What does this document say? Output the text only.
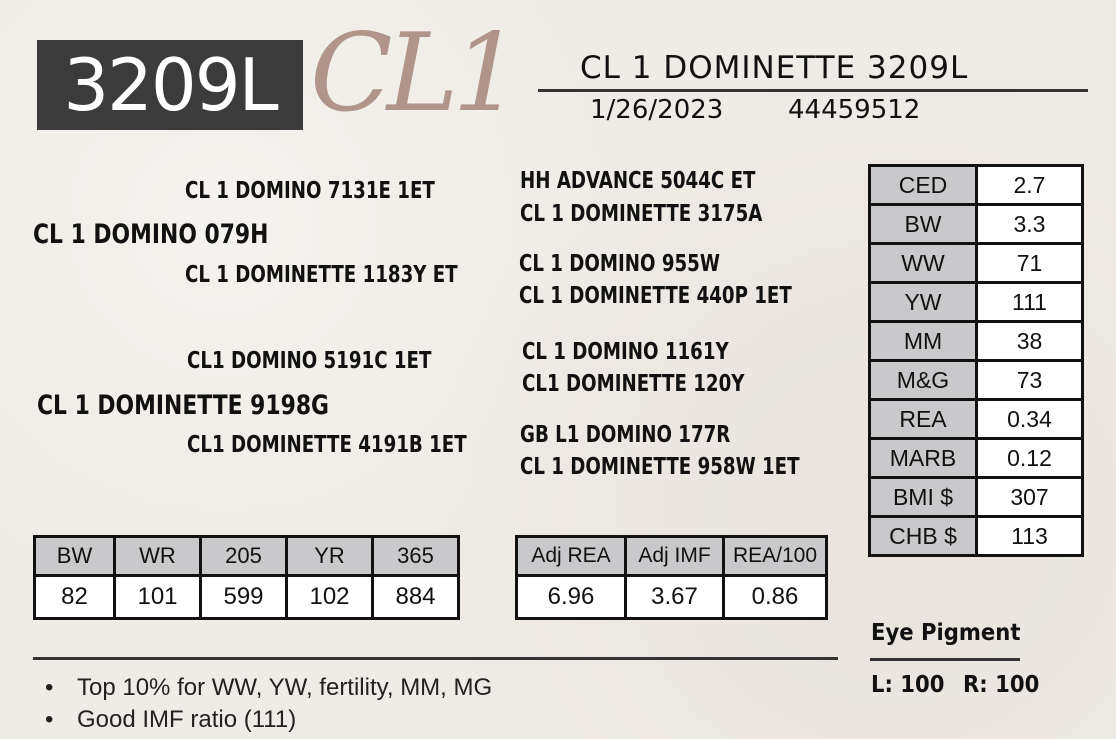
3209L CL1 CL 1 DOMINETTE 3209L
1/26/2023 44459512
CL 1 DOMINO 7131E 1ET
CL 1 DOMINO 079H
CL 1 DOMINETTE 1183Y ET
CL1 DOMINO 5191C 1ET
CL 1 DOMINETTE 9198G
CL1 DOMINETTE 4191B 1ET
HH ADVANCE 5044C ET
CL 1 DOMINETTE 3175A
CL 1 DOMINO 955W
CL 1 DOMINETTE 440P 1ET
CL 1 DOMINO 1161Y
CL1 DOMINETTE 120Y
GB L1 DOMINO 177R
CL 1 DOMINETTE 958W 1ET
CED	2.7
BW	3.3
WW	71
YW	111
MM	38
M&G	73
REA	0.34
MARB	0.12
BMI $	307
CHB $	113
BW	WR	205	YR	365
82	101	599	102	884
Adj REA	Adj IMF	REA/100
6.96	3.67	0.86
Eye Pigment
L: 100 R: 100
• Top 10% for WW, YW, fertility, MM, MG
• Good IMF ratio (111)
